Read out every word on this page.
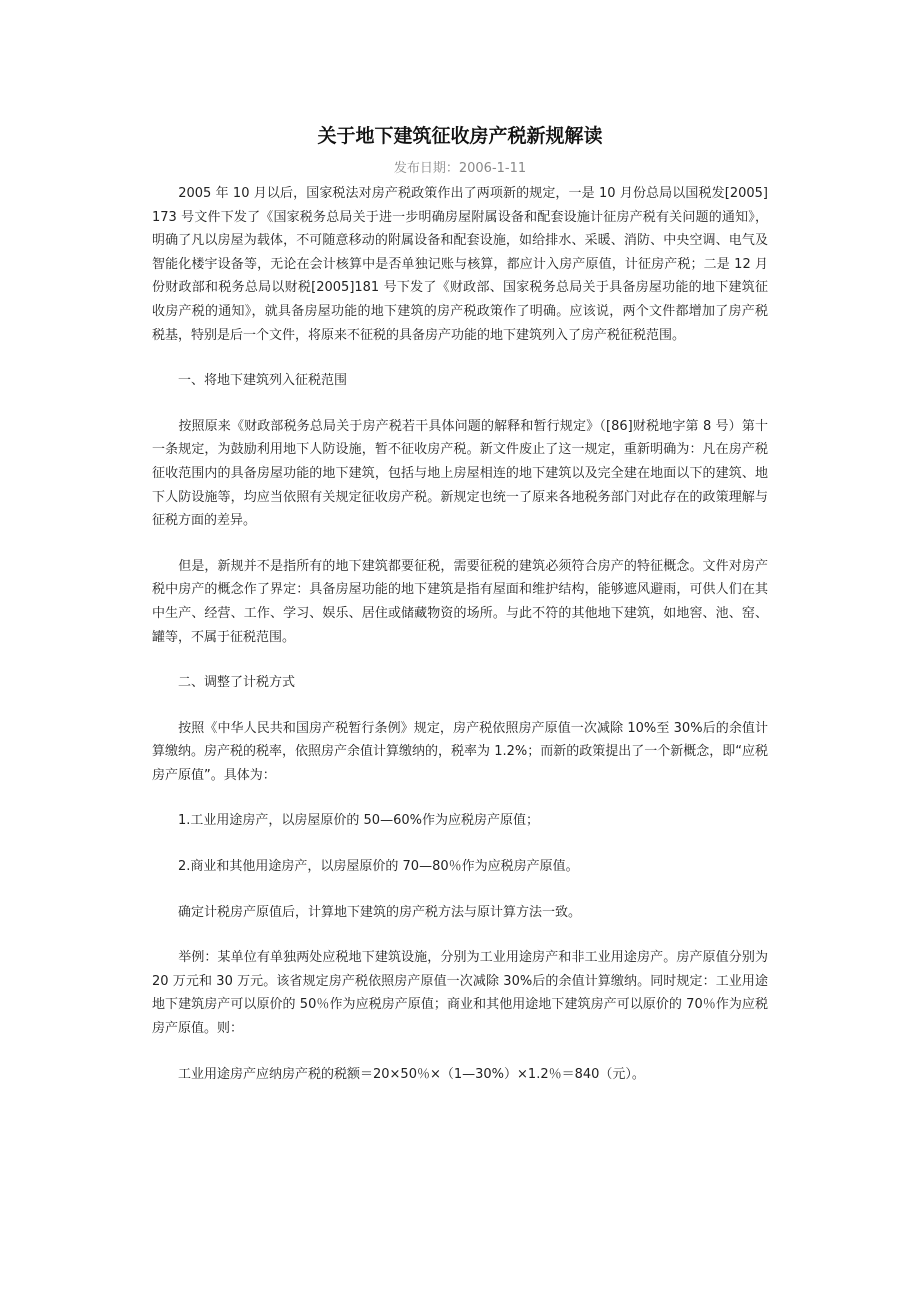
关于地下建筑征收房产税新规解读
发布日期：2006-1-11

　　2005 年 10 月以后，国家税法对房产税政策作出了两项新的规定，一是 10 月份总局以国税发[2005]173 号文件下发了《国家税务总局关于进一步明确房屋附属设备和配套设施计征房产税有关问题的通知》，明确了凡以房屋为载体，不可随意移动的附属设备和配套设施，如给排水、采暖、消防、中央空调、电气及智能化楼宇设备等，无论在会计核算中是否单独记账与核算，都应计入房产原值，计征房产税；二是 12 月份财政部和税务总局以财税[2005]181 号下发了《财政部、国家税务总局关于具备房屋功能的地下建筑征收房产税的通知》，就具备房屋功能的地下建筑的房产税政策作了明确。应该说，两个文件都增加了房产税税基，特别是后一个文件，将原来不征税的具备房产功能的地下建筑列入了房产税征税范围。

　　一、将地下建筑列入征税范围

　　按照原来《财政部税务总局关于房产税若干具体问题的解释和暂行规定》（[86]财税地字第 8 号）第十一条规定，为鼓励利用地下人防设施，暂不征收房产税。新文件废止了这一规定，重新明确为：凡在房产税征收范围内的具备房屋功能的地下建筑，包括与地上房屋相连的地下建筑以及完全建在地面以下的建筑、地下人防设施等，均应当依照有关规定征收房产税。新规定也统一了原来各地税务部门对此存在的政策理解与征税方面的差异。

　　但是，新规并不是指所有的地下建筑都要征税，需要征税的建筑必须符合房产的特征概念。文件对房产税中房产的概念作了界定：具备房屋功能的地下建筑是指有屋面和维护结构，能够遮风避雨，可供人们在其中生产、经营、工作、学习、娱乐、居住或储藏物资的场所。与此不符的其他地下建筑，如地窖、池、窑、罐等，不属于征税范围。

　　二、调整了计税方式

　　按照《中华人民共和国房产税暂行条例》规定，房产税依照房产原值一次减除 10%至 30%后的余值计算缴纳。房产税的税率，依照房产余值计算缴纳的，税率为 1.2%；而新的政策提出了一个新概念，即“应税房产原值”。具体为：

　　1.工业用途房产，以房屋原价的 50—60%作为应税房产原值；

　　2.商业和其他用途房产，以房屋原价的 70—80％作为应税房产原值。

　　确定计税房产原值后，计算地下建筑的房产税方法与原计算方法一致。

　　举例：某单位有单独两处应税地下建筑设施，分别为工业用途房产和非工业用途房产。房产原值分别为 20 万元和 30 万元。该省规定房产税依照房产原值一次减除 30%后的余值计算缴纳。同时规定：工业用途地下建筑房产可以原价的 50％作为应税房产原值；商业和其他用途地下建筑房产可以原价的 70％作为应税房产原值。则：

　　工业用途房产应纳房产税的税额＝20×50％×（1—30%）×1.2％＝840（元）。
